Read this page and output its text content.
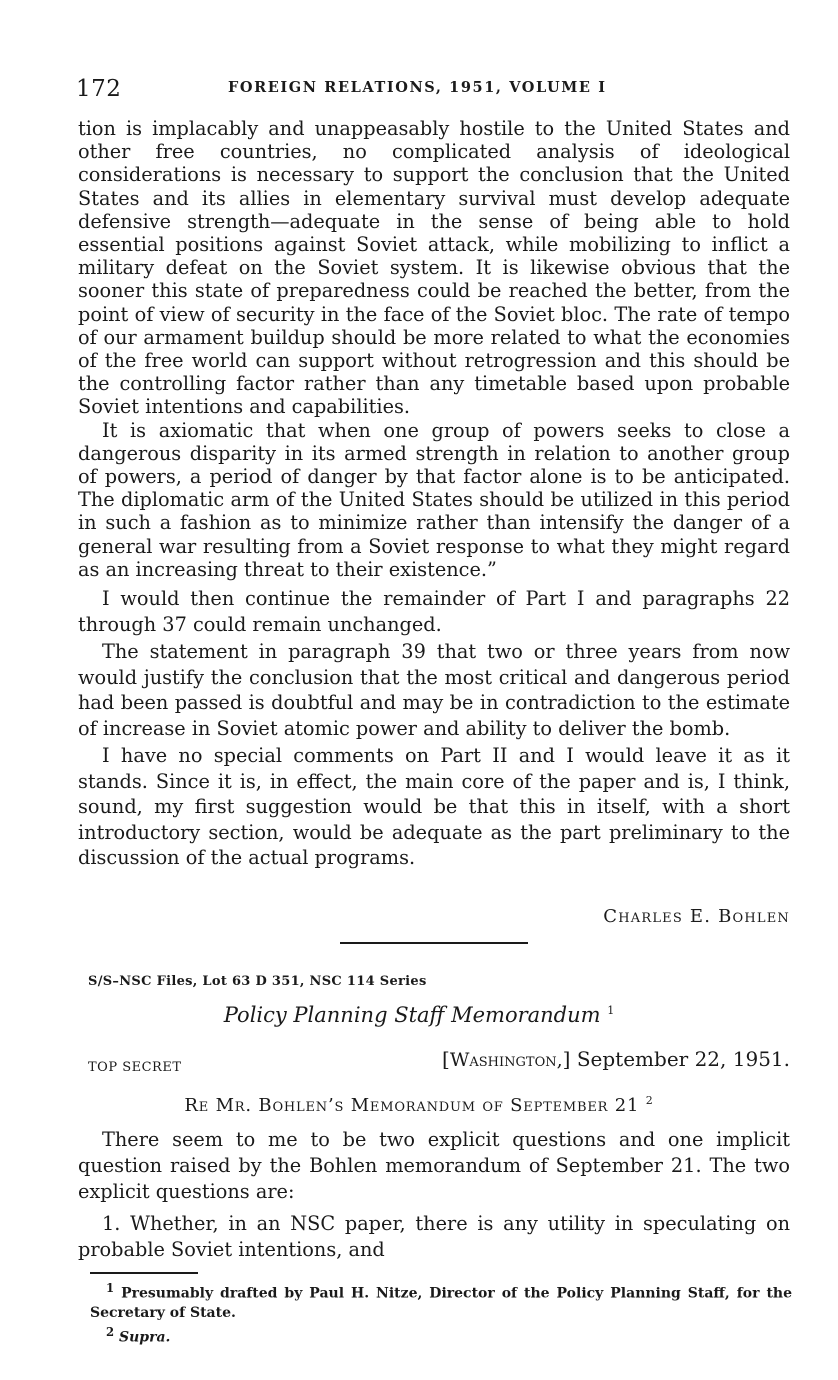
172	FOREIGN RELATIONS, 1951, VOLUME I

tion is implacably and unappeasably hostile to the United States and other free countries, no complicated analysis of ideological considerations is necessary to support the conclusion that the United States and its allies in elementary survival must develop adequate defensive strength—adequate in the sense of being able to hold essential positions against Soviet attack, while mobilizing to inflict a military defeat on the Soviet system. It is likewise obvious that the sooner this state of preparedness could be reached the better, from the point of view of security in the face of the Soviet bloc. The rate of tempo of our armament buildup should be more related to what the economies of the free world can support without retrogression and this should be the controlling factor rather than any timetable based upon probable Soviet intentions and capabilities.

It is axiomatic that when one group of powers seeks to close a dangerous disparity in its armed strength in relation to another group of powers, a period of danger by that factor alone is to be anticipated. The diplomatic arm of the United States should be utilized in this period in such a fashion as to minimize rather than intensify the danger of a general war resulting from a Soviet response to what they might regard as an increasing threat to their existence.”

I would then continue the remainder of Part I and paragraphs 22 through 37 could remain unchanged.

The statement in paragraph 39 that two or three years from now would justify the conclusion that the most critical and dangerous period had been passed is doubtful and may be in contradiction to the estimate of increase in Soviet atomic power and ability to deliver the bomb.

I have no special comments on Part II and I would leave it as it stands. Since it is, in effect, the main core of the paper and is, I think, sound, my first suggestion would be that this in itself, with a short introductory section, would be adequate as the part preliminary to the discussion of the actual programs.

Charles E. Bohlen
S/S–NSC Files, Lot 63 D 351, NSC 114 Series
Policy Planning Staff Memorandum $^1$
TOP SECRET	[Washington,] September 22, 1951.
Re Mr. Bohlen’s Memorandum of September 21 $^2$

There seem to me to be two explicit questions and one implicit question raised by the Bohlen memorandum of September 21. The two explicit questions are:

1. Whether, in an NSC paper, there is any utility in speculating on probable Soviet intentions, and

$^1$ Presumably drafted by Paul H. Nitze, Director of the Policy Planning Staff, for the Secretary of State.

$^2$ Supra.
